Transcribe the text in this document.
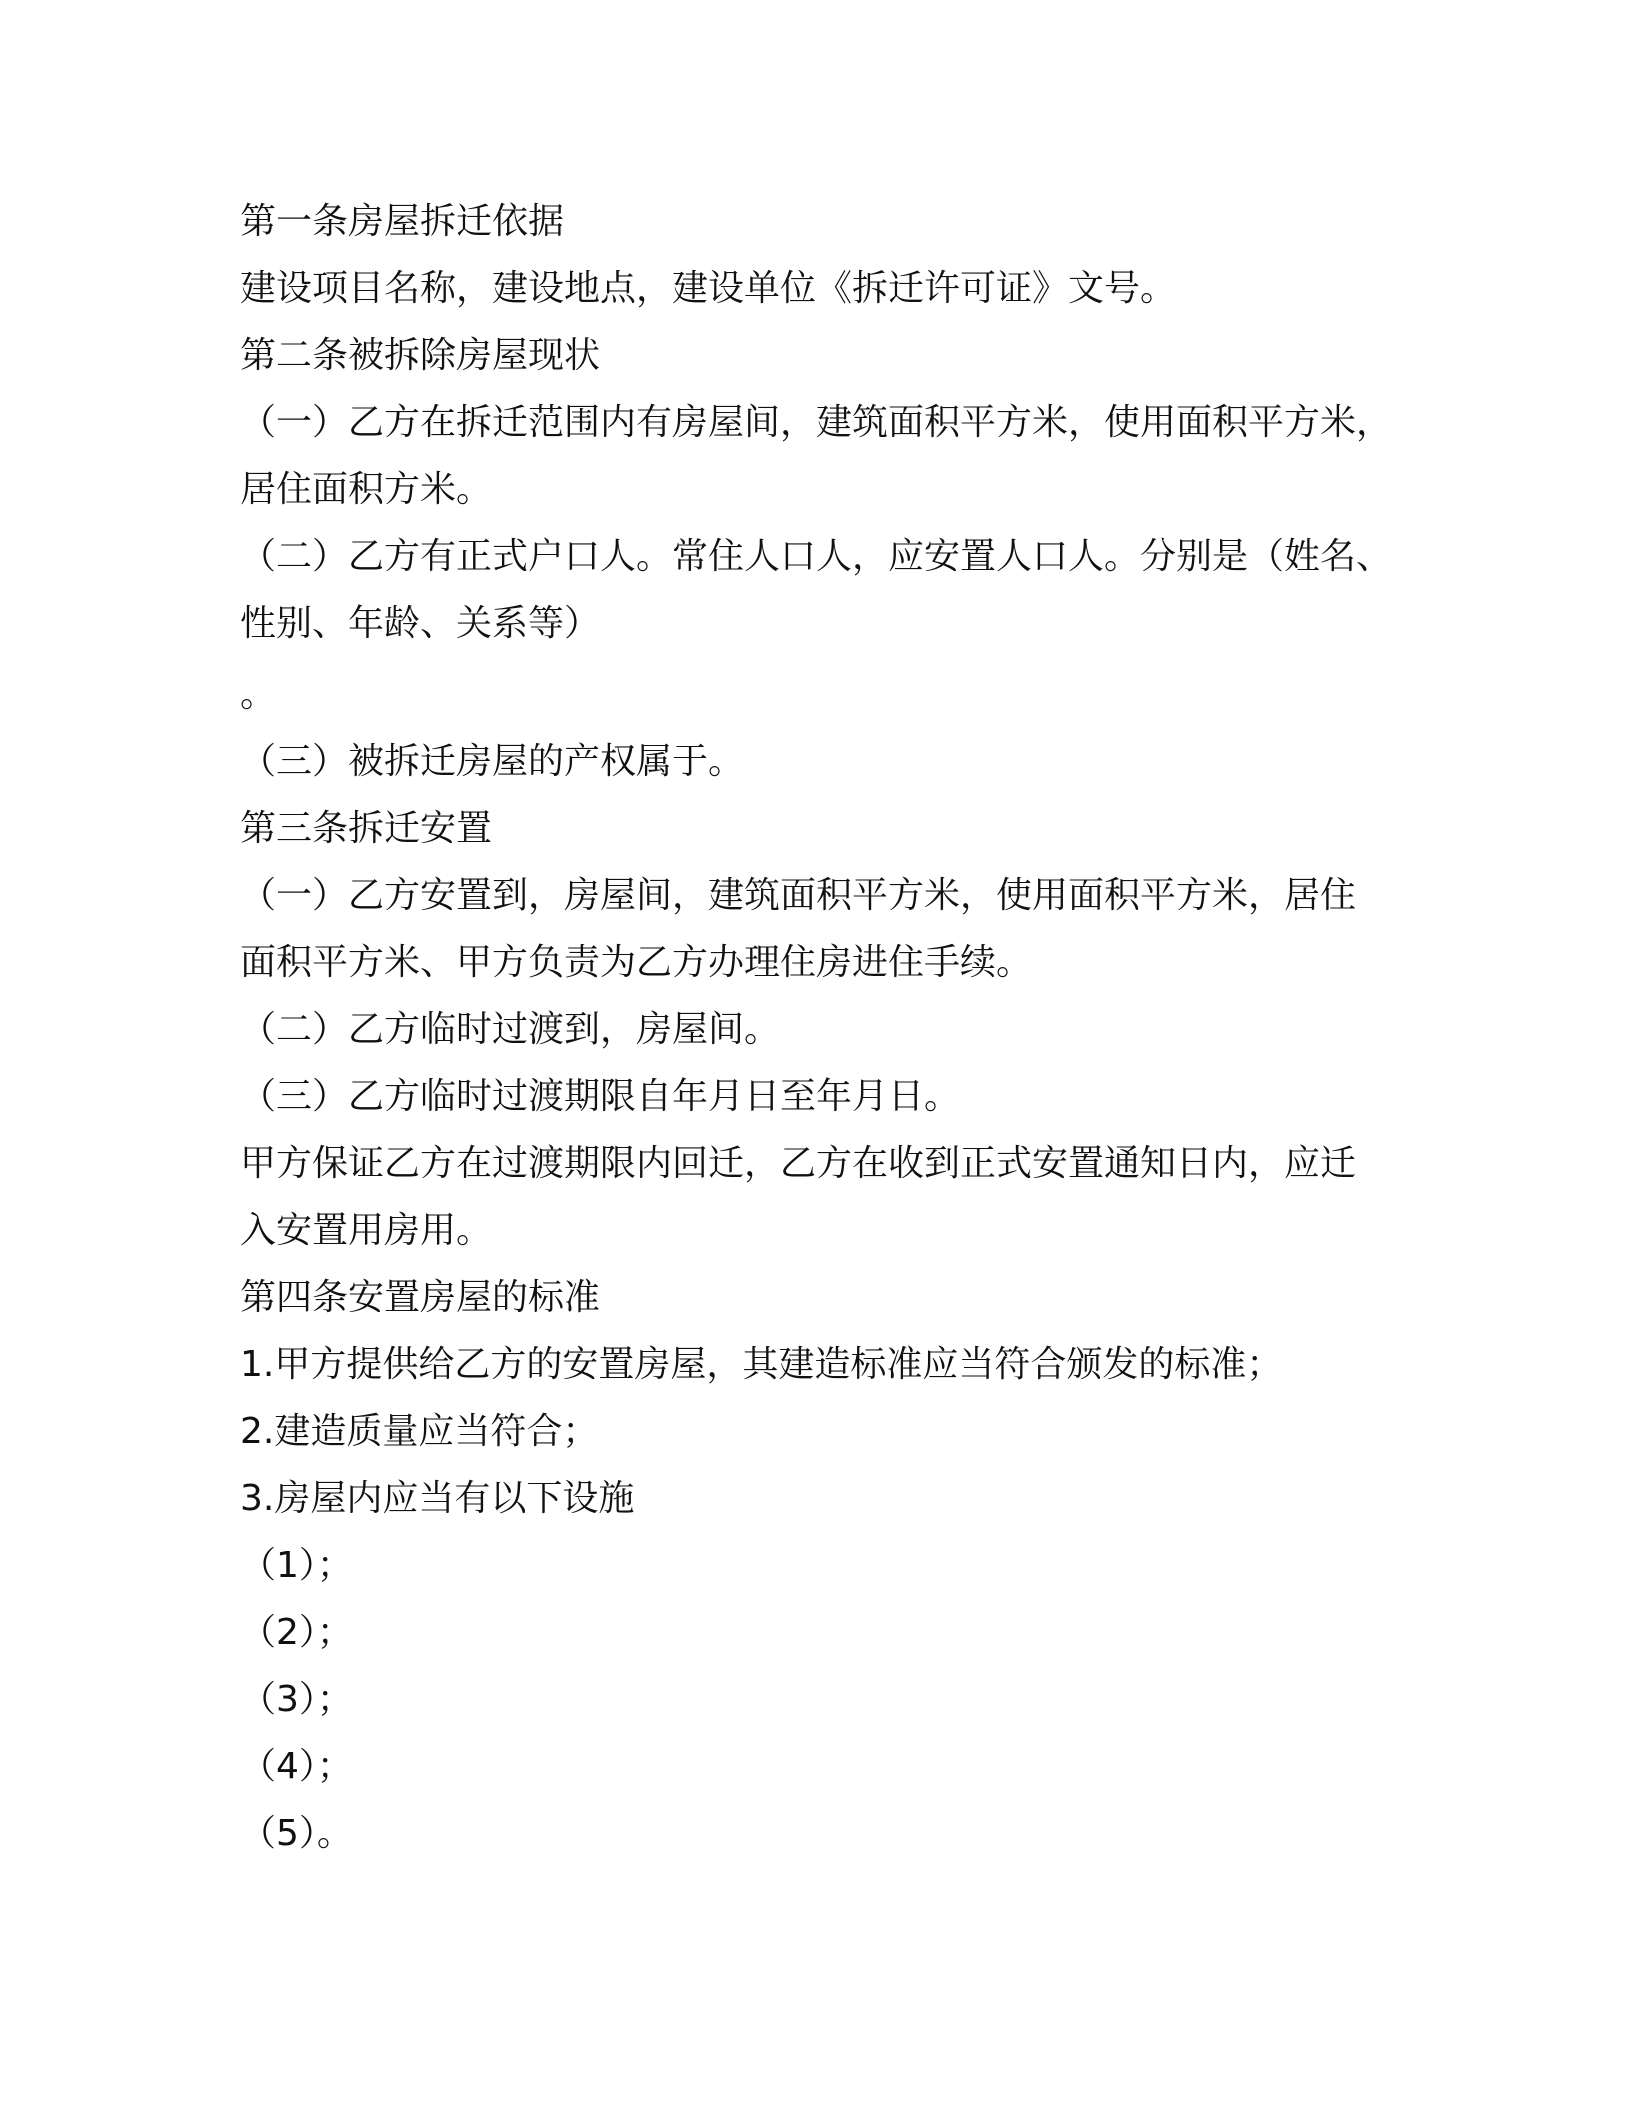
第一条房屋拆迁依据

建设项目名称，建设地点，建设单位《拆迁许可证》文号。

第二条被拆除房屋现状

（一）乙方在拆迁范围内有房屋间，建筑面积平方米，使用面积平方米，

居住面积方米。

（二）乙方有正式户口人。常住人口人，应安置人口人。分别是（姓名、

性别、年龄、关系等）

。

（三）被拆迁房屋的产权属于。

第三条拆迁安置

（一）乙方安置到，房屋间，建筑面积平方米，使用面积平方米，居住

面积平方米、甲方负责为乙方办理住房进住手续。

（二）乙方临时过渡到，房屋间。

（三）乙方临时过渡期限自年月日至年月日。

甲方保证乙方在过渡期限内回迁，乙方在收到正式安置通知日内，应迁

入安置用房用。

第四条安置房屋的标准

1.甲方提供给乙方的安置房屋，其建造标准应当符合颁发的标准；

2.建造质量应当符合；

3.房屋内应当有以下设施

（1）；

（2）；

（3）；

（4）；

（5）。
